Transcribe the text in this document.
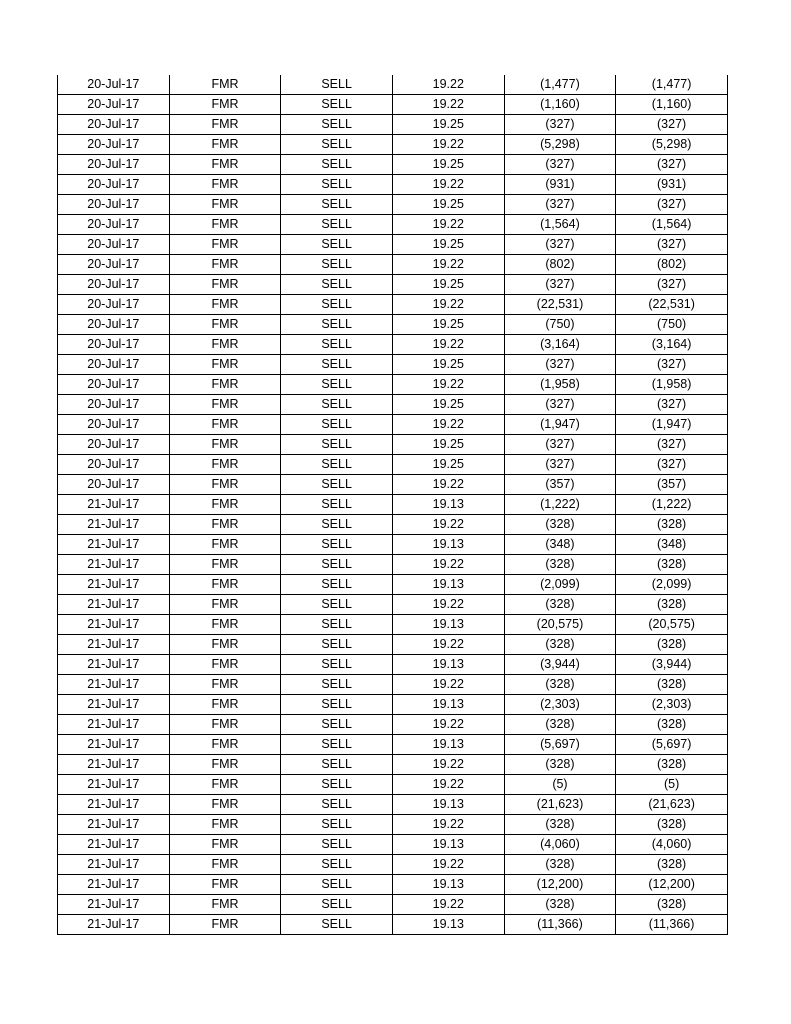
20-Jul-17	FMR	SELL	19.22	(1,477)	(1,477)
20-Jul-17	FMR	SELL	19.22	(1,160)	(1,160)
20-Jul-17	FMR	SELL	19.25	(327)	(327)
20-Jul-17	FMR	SELL	19.22	(5,298)	(5,298)
20-Jul-17	FMR	SELL	19.25	(327)	(327)
20-Jul-17	FMR	SELL	19.22	(931)	(931)
20-Jul-17	FMR	SELL	19.25	(327)	(327)
20-Jul-17	FMR	SELL	19.22	(1,564)	(1,564)
20-Jul-17	FMR	SELL	19.25	(327)	(327)
20-Jul-17	FMR	SELL	19.22	(802)	(802)
20-Jul-17	FMR	SELL	19.25	(327)	(327)
20-Jul-17	FMR	SELL	19.22	(22,531)	(22,531)
20-Jul-17	FMR	SELL	19.25	(750)	(750)
20-Jul-17	FMR	SELL	19.22	(3,164)	(3,164)
20-Jul-17	FMR	SELL	19.25	(327)	(327)
20-Jul-17	FMR	SELL	19.22	(1,958)	(1,958)
20-Jul-17	FMR	SELL	19.25	(327)	(327)
20-Jul-17	FMR	SELL	19.22	(1,947)	(1,947)
20-Jul-17	FMR	SELL	19.25	(327)	(327)
20-Jul-17	FMR	SELL	19.25	(327)	(327)
20-Jul-17	FMR	SELL	19.22	(357)	(357)
21-Jul-17	FMR	SELL	19.13	(1,222)	(1,222)
21-Jul-17	FMR	SELL	19.22	(328)	(328)
21-Jul-17	FMR	SELL	19.13	(348)	(348)
21-Jul-17	FMR	SELL	19.22	(328)	(328)
21-Jul-17	FMR	SELL	19.13	(2,099)	(2,099)
21-Jul-17	FMR	SELL	19.22	(328)	(328)
21-Jul-17	FMR	SELL	19.13	(20,575)	(20,575)
21-Jul-17	FMR	SELL	19.22	(328)	(328)
21-Jul-17	FMR	SELL	19.13	(3,944)	(3,944)
21-Jul-17	FMR	SELL	19.22	(328)	(328)
21-Jul-17	FMR	SELL	19.13	(2,303)	(2,303)
21-Jul-17	FMR	SELL	19.22	(328)	(328)
21-Jul-17	FMR	SELL	19.13	(5,697)	(5,697)
21-Jul-17	FMR	SELL	19.22	(328)	(328)
21-Jul-17	FMR	SELL	19.22	(5)	(5)
21-Jul-17	FMR	SELL	19.13	(21,623)	(21,623)
21-Jul-17	FMR	SELL	19.22	(328)	(328)
21-Jul-17	FMR	SELL	19.13	(4,060)	(4,060)
21-Jul-17	FMR	SELL	19.22	(328)	(328)
21-Jul-17	FMR	SELL	19.13	(12,200)	(12,200)
21-Jul-17	FMR	SELL	19.22	(328)	(328)
21-Jul-17	FMR	SELL	19.13	(11,366)	(11,366)
